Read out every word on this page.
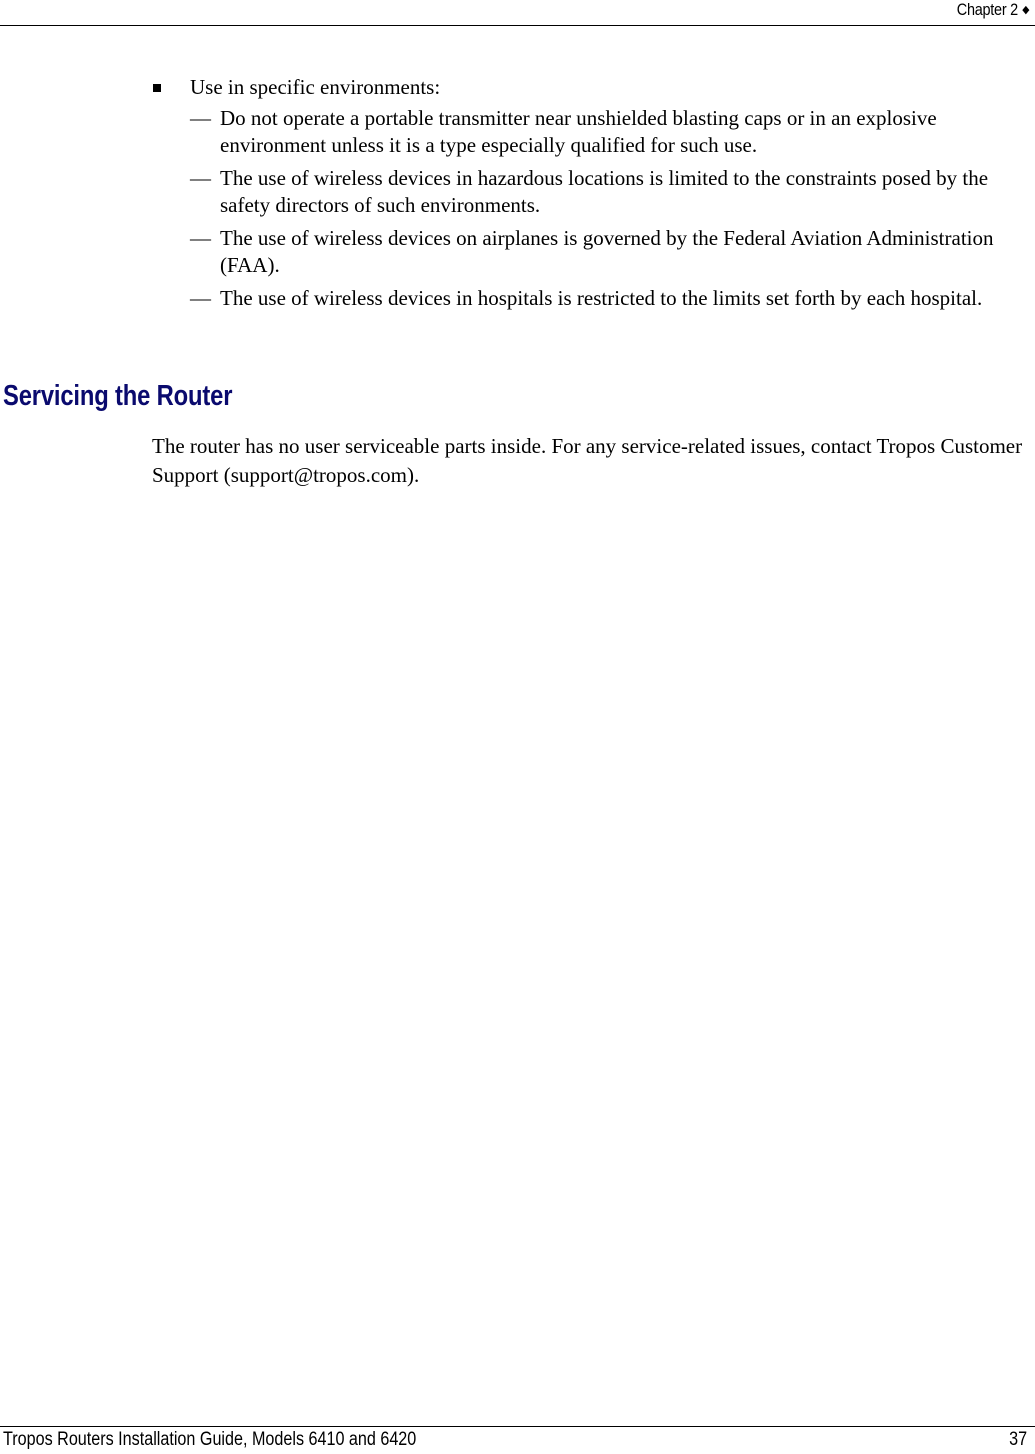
Chapter 2 ◆
Use in specific environments:
— Do not operate a portable transmitter near unshielded blasting caps or in an explosive environment unless it is a type especially qualified for such use.
— The use of wireless devices in hazardous locations is limited to the constraints posed by the safety directors of such environments.
— The use of wireless devices on airplanes is governed by the Federal Aviation Administration (FAA).
— The use of wireless devices in hospitals is restricted to the limits set forth by each hospital.
Servicing the Router
The router has no user serviceable parts inside. For any service-related issues, contact Tropos Customer Support (support@tropos.com).
Tropos Routers Installation Guide, Models 6410 and 6420	37
